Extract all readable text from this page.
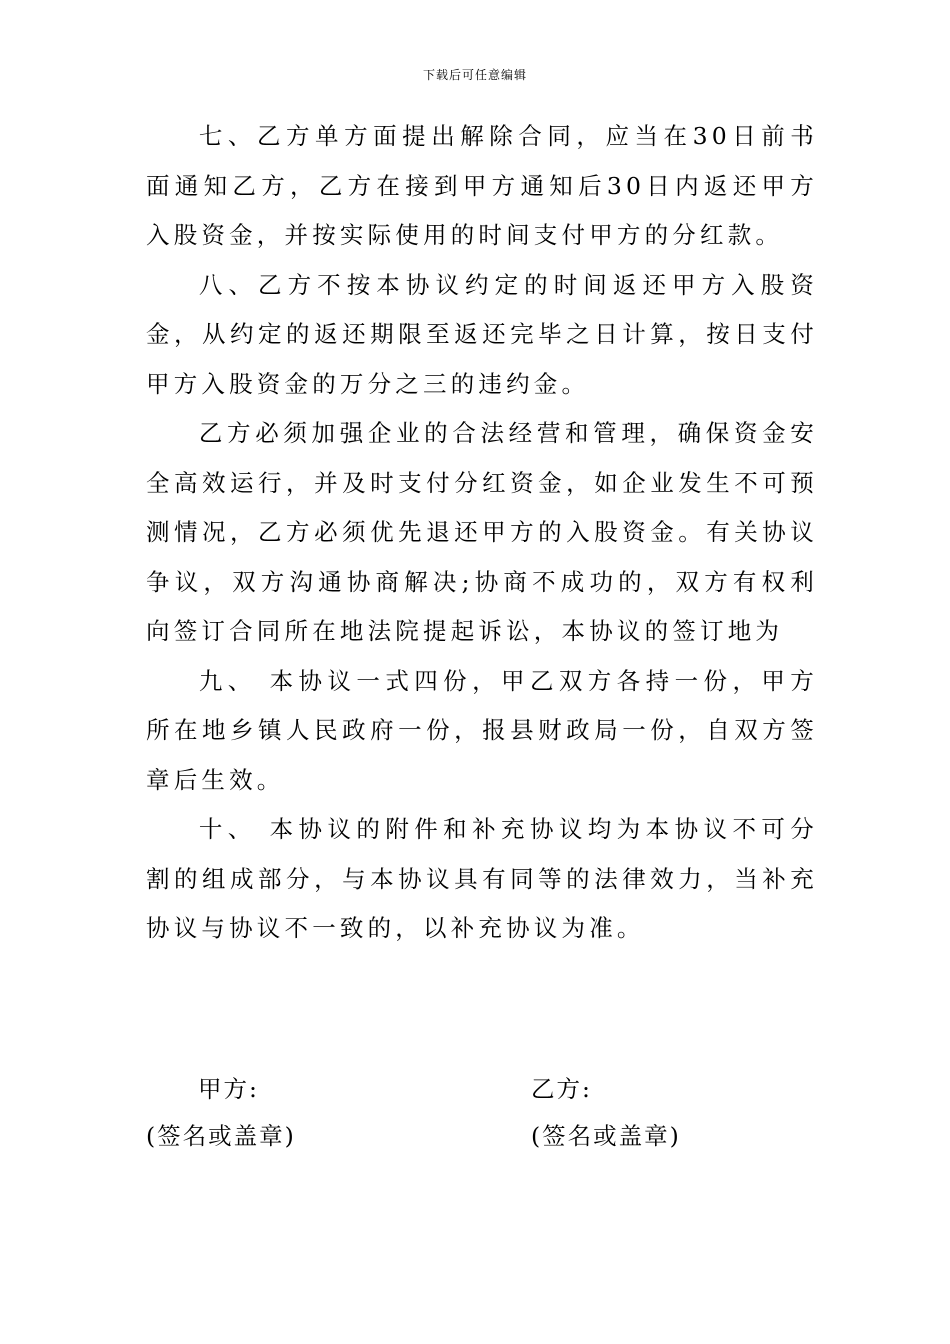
下载后可任意编辑

七、乙方单方面提出解除合同，应当在30日前书面通知乙方，乙方在接到甲方通知后30日内返还甲方入股资金，并按实际使用的时间支付甲方的分红款。

八、乙方不按本协议约定的时间返还甲方入股资金，从约定的返还期限至返还完毕之日计算，按日支付甲方入股资金的万分之三的违约金。

乙方必须加强企业的合法经营和管理，确保资金安全高效运行，并及时支付分红资金，如企业发生不可预测情况，乙方必须优先退还甲方的入股资金。有关协议争议，双方沟通协商解决;协商不成功的，双方有权利向签订合同所在地法院提起诉讼，本协议的签订地为

九、 本协议一式四份，甲乙双方各持一份，甲方所在地乡镇人民政府一份，报县财政局一份，自双方签章后生效。

十、 本协议的附件和补充协议均为本协议不可分割的组成部分，与本协议具有同等的法律效力，当补充协议与协议不一致的，以补充协议为准。

甲方:
(签名或盖章)
乙方:
(签名或盖章)
